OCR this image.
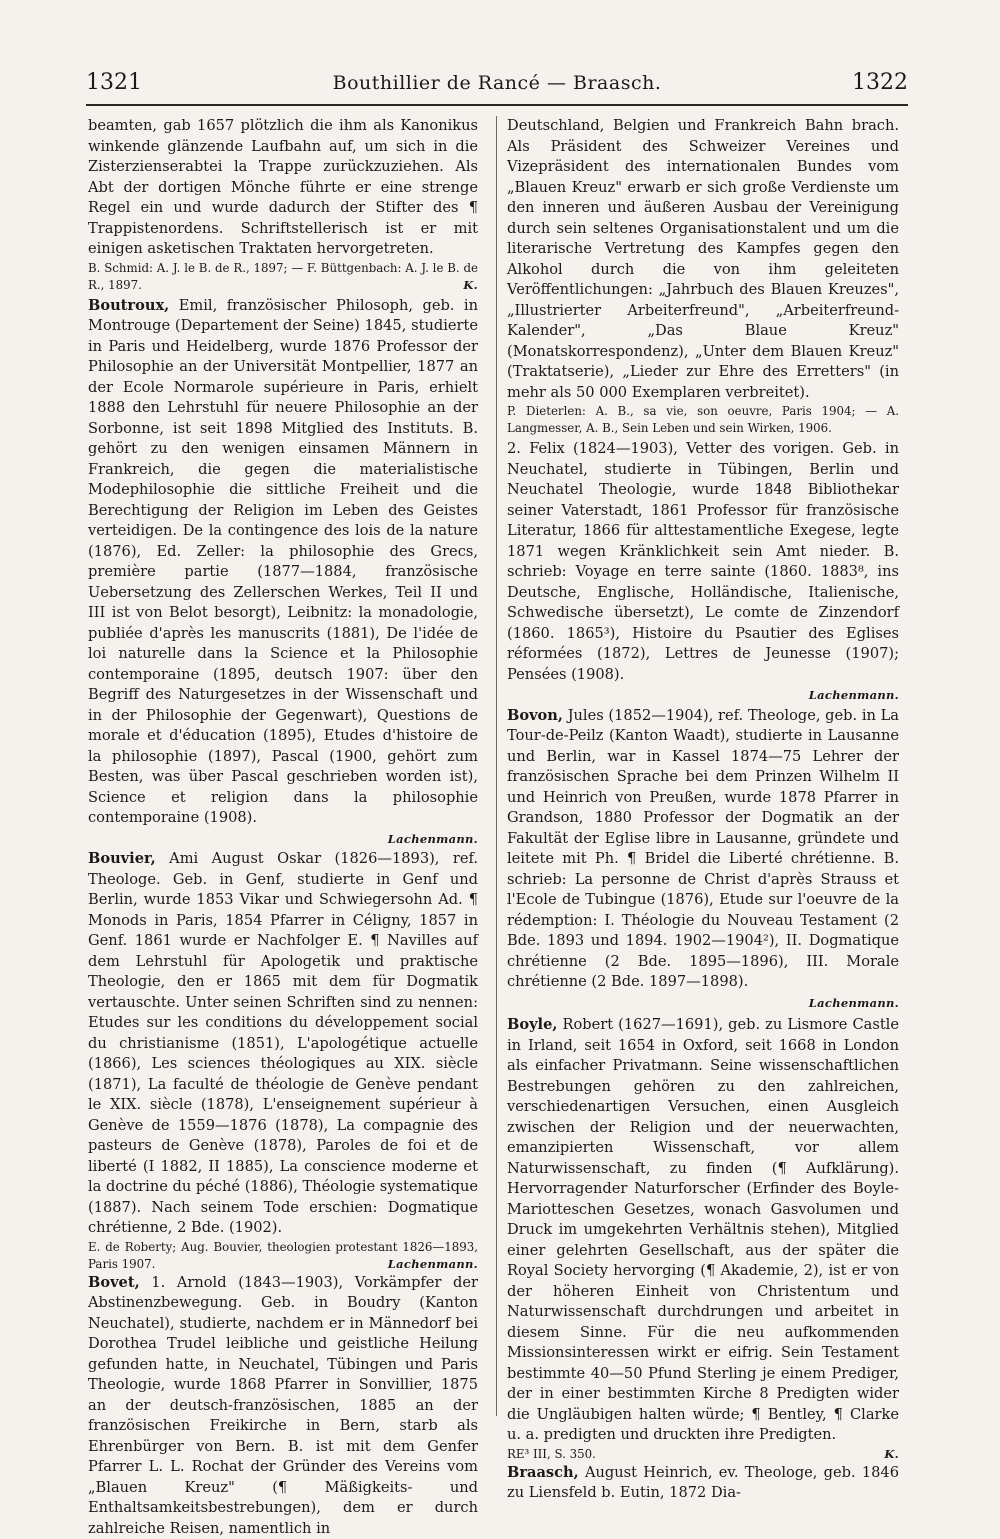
1321	Bouthillier de Rancé — Braasch.	1322

beamten, gab 1657 plötzlich die ihm als Kanonikus winkende glänzende Laufbahn auf, um sich in die Zisterzienserabtei la Trappe zurückzuziehen. Als Abt der dortigen Mönche führte er eine strenge Regel ein und wurde dadurch der Stifter des ¶ Trappistenordens. Schriftstellerisch ist er mit einigen asketischen Traktaten hervorgetreten.

B. Schmid: A. J. le B. de R., 1897; — F. Büttgenbach: A. J. le B. de R., 1897.	K.

Boutroux, Emil, französischer Philosoph, geb. in Montrouge (Departement der Seine) 1845, studierte in Paris und Heidelberg, wurde 1876 Professor der Philosophie an der Universität Montpellier, 1877 an der Ecole Normarole supérieure in Paris, erhielt 1888 den Lehrstuhl für neuere Philosophie an der Sorbonne, ist seit 1898 Mitglied des Instituts. B. gehört zu den wenigen einsamen Männern in Frankreich, die gegen die materialistische Modephilosophie die sittliche Freiheit und die Berechtigung der Religion im Leben des Geistes verteidigen. De la contingence des lois de la nature (1876), Ed. Zeller: la philosophie des Grecs, première partie (1877—1884, französische Uebersetzung des Zellerschen Werkes, Teil II und III ist von Belot besorgt), Leibnitz: la monadologie, publiée d'après les manuscrits (1881), De l'idée de loi naturelle dans la Science et la Philosophie contemporaine (1895, deutsch 1907: über den Begriff des Naturgesetzes in der Wissenschaft und in der Philosophie der Gegenwart), Questions de morale et d'éducation (1895), Etudes d'histoire de la philosophie (1897), Pascal (1900, gehört zum Besten, was über Pascal geschrieben worden ist), Science et religion dans la philosophie contemporaine (1908).

Lachenmann.

Bouvier, Ami August Oskar (1826—1893), ref. Theologe. Geb. in Genf, studierte in Genf und Berlin, wurde 1853 Vikar und Schwiegersohn Ad. ¶ Monods in Paris, 1854 Pfarrer in Céligny, 1857 in Genf. 1861 wurde er Nachfolger E. ¶ Navilles auf dem Lehrstuhl für Apologetik und praktische Theologie, den er 1865 mit dem für Dogmatik vertauschte. Unter seinen Schriften sind zu nennen: Etudes sur les conditions du développement social du christianisme (1851), L'apologétique actuelle (1866), Les sciences théologiques au XIX. siècle (1871), La faculté de théologie de Genève pendant le XIX. siècle (1878), L'enseignement supérieur à Genève de 1559—1876 (1878), La compagnie des pasteurs de Genève (1878), Paroles de foi et de liberté (I 1882, II 1885), La conscience moderne et la doctrine du péché (1886), Théologie systematique (1887). Nach seinem Tode erschien: Dogmatique chrétienne, 2 Bde. (1902).

E. de Roberty; Aug. Bouvier, theologien protestant 1826—1893, Paris 1907.	Lachenmann.

Bovet, 1. Arnold (1843—1903), Vorkämpfer der Abstinenzbewegung. Geb. in Boudry (Kanton Neuchatel), studierte, nachdem er in Männedorf bei Dorothea Trudel leibliche und geistliche Heilung gefunden hatte, in Neuchatel, Tübingen und Paris Theologie, wurde 1868 Pfarrer in Sonvillier, 1875 an der deutsch-französischen, 1885 an der französischen Freikirche in Bern, starb als Ehrenbürger von Bern. B. ist mit dem Genfer Pfarrer L. L. Rochat der Gründer des Vereins vom „Blauen Kreuz" (¶ Mäßigkeits- und Enthaltsamkeitsbestrebungen), dem er durch zahlreiche Reisen, namentlich in

Deutschland, Belgien und Frankreich Bahn brach. Als Präsident des Schweizer Vereines und Vizepräsident des internationalen Bundes vom „Blauen Kreuz" erwarb er sich große Verdienste um den inneren und äußeren Ausbau der Vereinigung durch sein seltenes Organisationstalent und um die literarische Vertretung des Kampfes gegen den Alkohol durch die von ihm geleiteten Veröffentlichungen: „Jahrbuch des Blauen Kreuzes", „Illustrierter Arbeiterfreund", „Arbeiterfreund-Kalender", „Das Blaue Kreuz" (Monatskorrespondenz), „Unter dem Blauen Kreuz" (Traktatserie), „Lieder zur Ehre des Erretters" (in mehr als 50 000 Exemplaren verbreitet).

P. Dieterlen: A. B., sa vie, son oeuvre, Paris 1904; — A. Langmesser, A. B., Sein Leben und sein Wirken, 1906.

2. Felix (1824—1903), Vetter des vorigen. Geb. in Neuchatel, studierte in Tübingen, Berlin und Neuchatel Theologie, wurde 1848 Bibliothekar seiner Vaterstadt, 1861 Professor für französische Literatur, 1866 für alttestamentliche Exegese, legte 1871 wegen Kränklichkeit sein Amt nieder. B. schrieb: Voyage en terre sainte (1860. 1883⁸, ins Deutsche, Englische, Holländische, Italienische, Schwedische übersetzt), Le comte de Zinzendorf (1860. 1865³), Histoire du Psautier des Eglises réformées (1872), Lettres de Jeunesse (1907); Pensées (1908).

Lachenmann.

Bovon, Jules (1852—1904), ref. Theologe, geb. in La Tour-de-Peilz (Kanton Waadt), studierte in Lausanne und Berlin, war in Kassel 1874—75 Lehrer der französischen Sprache bei dem Prinzen Wilhelm II und Heinrich von Preußen, wurde 1878 Pfarrer in Grandson, 1880 Professor der Dogmatik an der Fakultät der Eglise libre in Lausanne, gründete und leitete mit Ph. ¶ Bridel die Liberté chrétienne. B. schrieb: La personne de Christ d'après Strauss et l'Ecole de Tubingue (1876), Etude sur l'oeuvre de la rédemption: I. Théologie du Nouveau Testament (2 Bde. 1893 und 1894. 1902—1904²), II. Dogmatique chrétienne (2 Bde. 1895—1896), III. Morale chrétienne (2 Bde. 1897—1898).

Lachenmann.

Boyle, Robert (1627—1691), geb. zu Lismore Castle in Irland, seit 1654 in Oxford, seit 1668 in London als einfacher Privatmann. Seine wissenschaftlichen Bestrebungen gehören zu den zahlreichen, verschiedenartigen Versuchen, einen Ausgleich zwischen der Religion und der neuerwachten, emanzipierten Wissenschaft, vor allem Naturwissenschaft, zu finden (¶ Aufklärung). Hervorragender Naturforscher (Erfinder des Boyle-Mariotteschen Gesetzes, wonach Gasvolumen und Druck im umgekehrten Verhältnis stehen), Mitglied einer gelehrten Gesellschaft, aus der später die Royal Society hervorging (¶ Akademie, 2), ist er von der höheren Einheit von Christentum und Naturwissenschaft durchdrungen und arbeitet in diesem Sinne. Für die neu aufkommenden Missionsinteressen wirkt er eifrig. Sein Testament bestimmte 40—50 Pfund Sterling je einem Prediger, der in einer bestimmten Kirche 8 Predigten wider die Ungläubigen halten würde; ¶ Bentley, ¶ Clarke u. a. predigten und druckten ihre Predigten.

RE³ III, S. 350.	K.

Braasch, August Heinrich, ev. Theologe, geb. 1846 zu Liensfeld b. Eutin, 1872 Dia-
